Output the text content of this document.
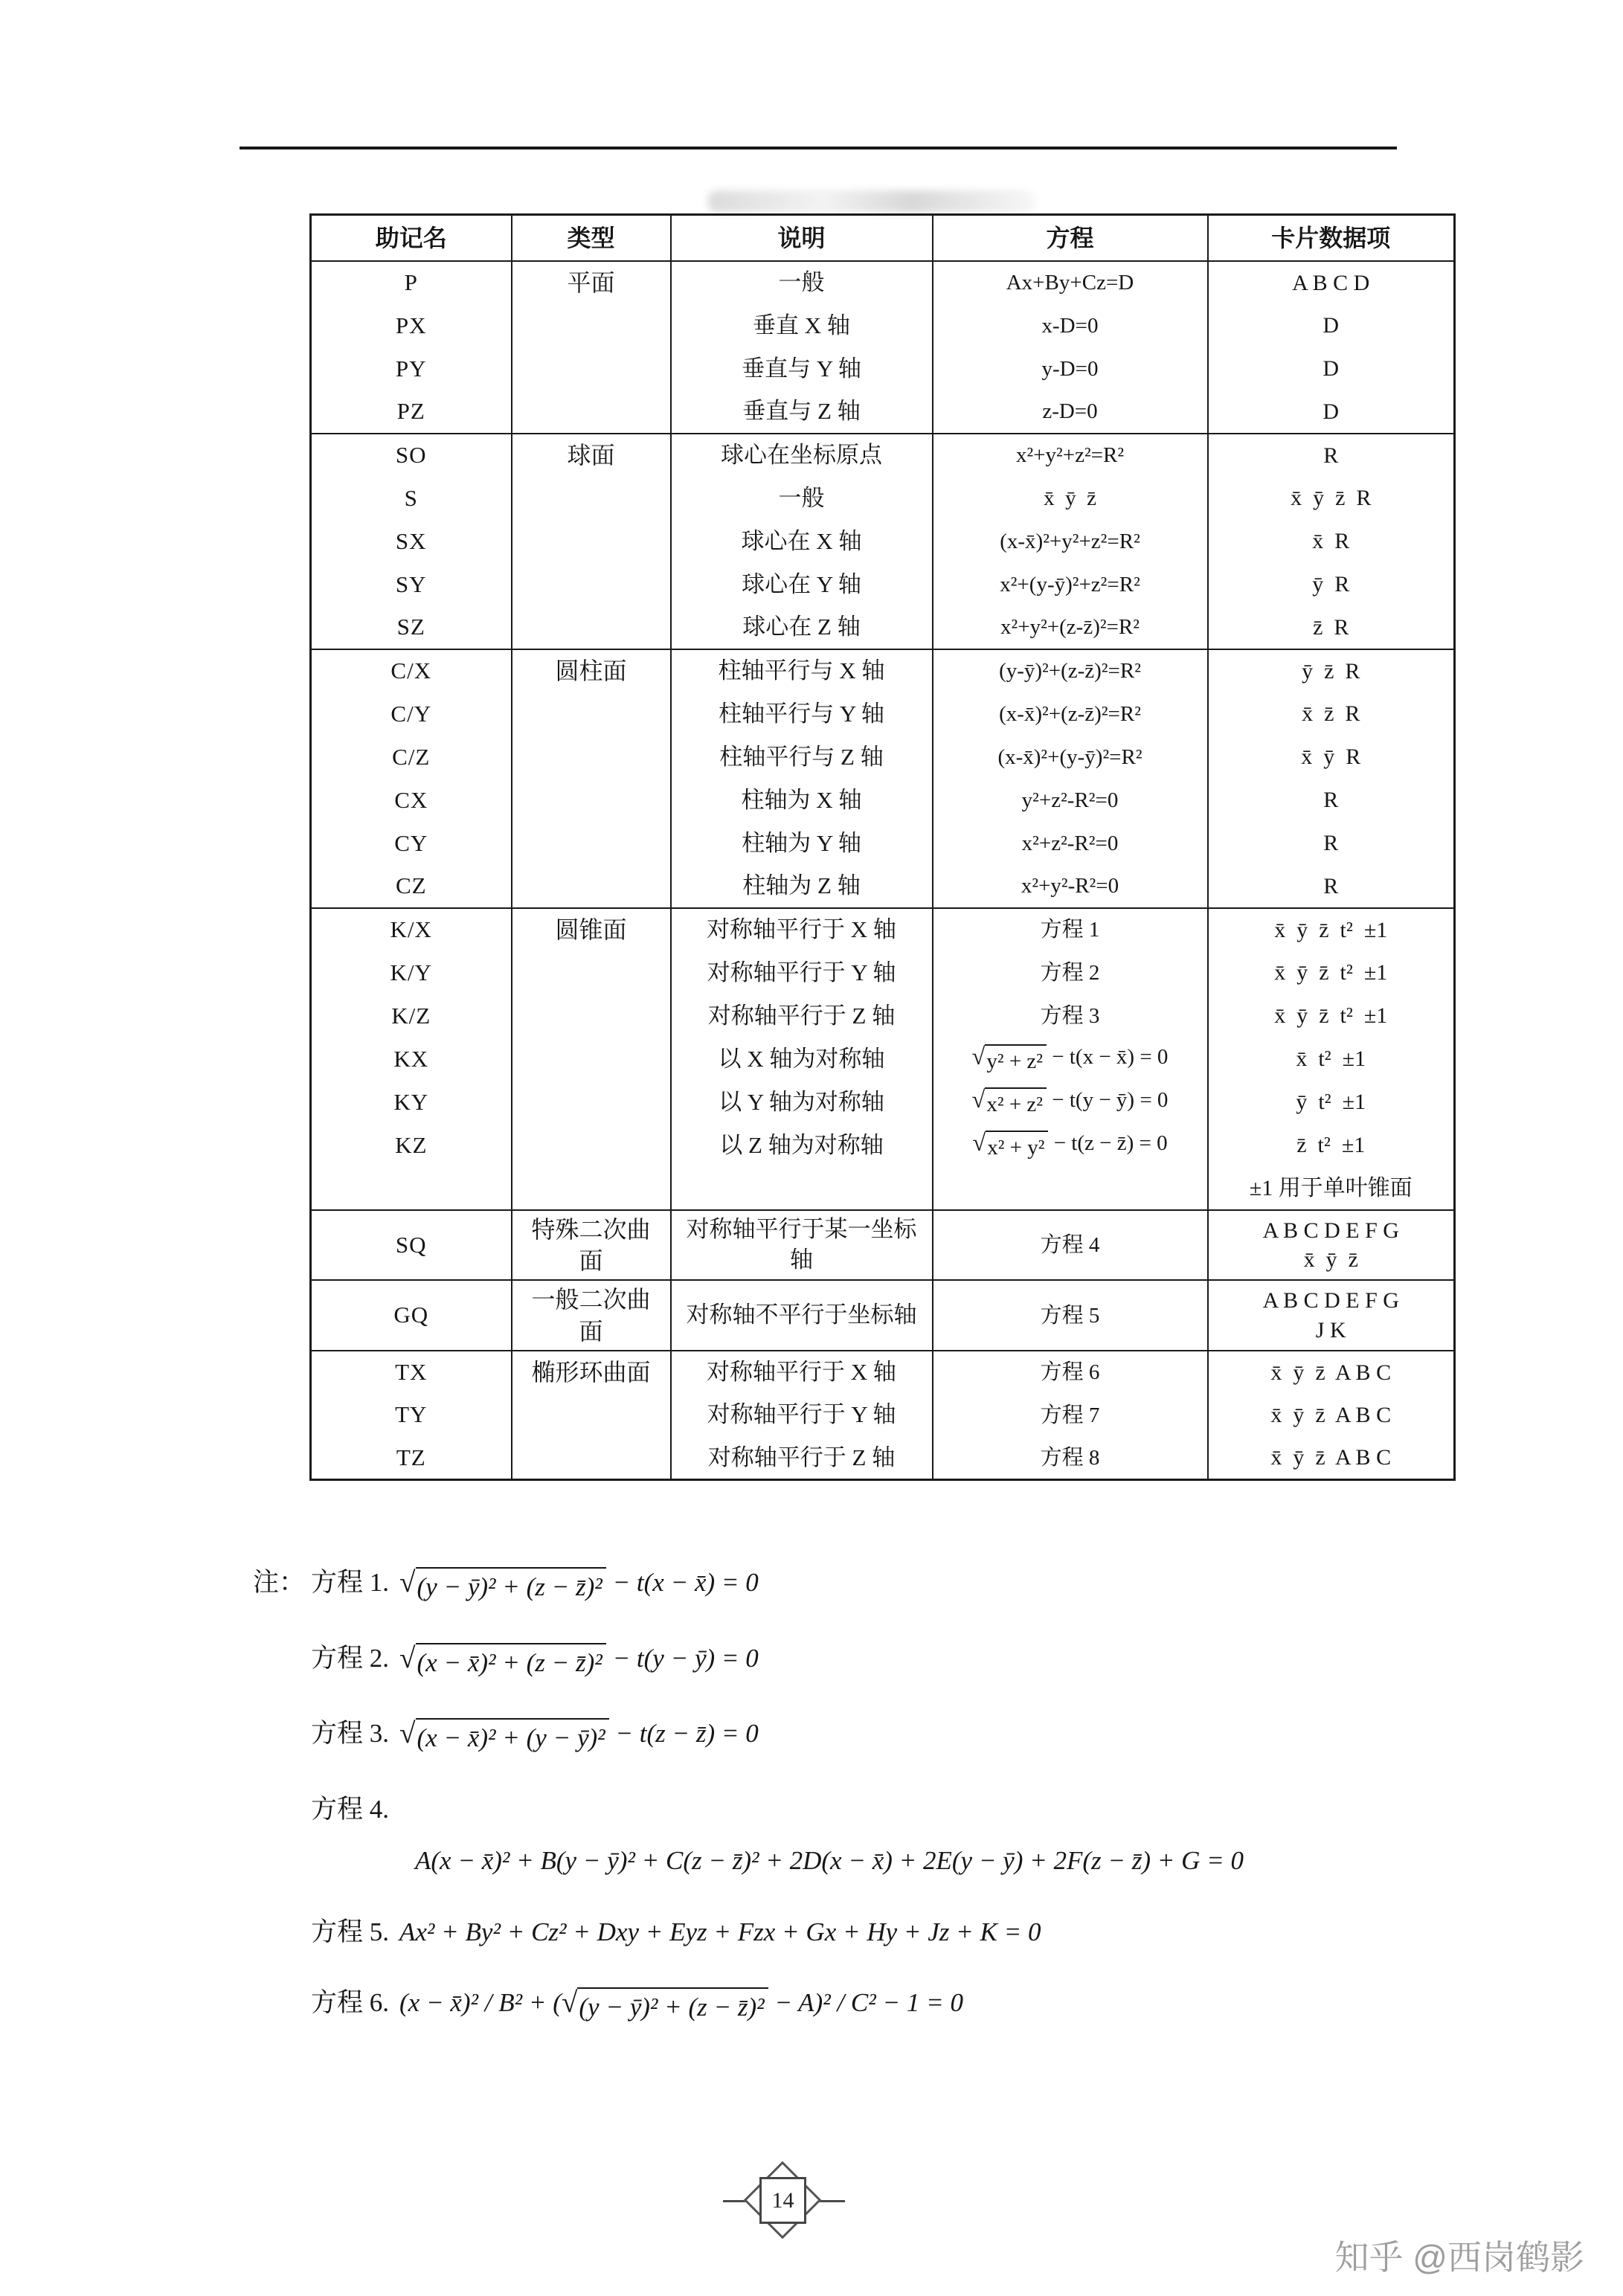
助记名	类型	说明	方程	卡片数据项
P	平面	一般	Ax+By+Cz=D	A B C D
PX		垂直 X 轴	x-D=0	D
PY		垂直与 Y 轴	y-D=0	D
PZ		垂直与 Z 轴	z-D=0	D
SO	球面	球心在坐标原点	x²+y²+z²=R²	R
S		一般	x̄  ȳ  z̄	x̄  ȳ  z̄  R
SX		球心在 X 轴	(x-x̄)²+y²+z²=R²	x̄  R
SY		球心在 Y 轴	x²+(y-ȳ)²+z²=R²	ȳ  R
SZ		球心在 Z 轴	x²+y²+(z-z̄)²=R²	z̄  R
C/X	圆柱面	柱轴平行与 X 轴	(y-ȳ)²+(z-z̄)²=R²	ȳ  z̄  R
C/Y		柱轴平行与 Y 轴	(x-x̄)²+(z-z̄)²=R²	x̄  z̄  R
C/Z		柱轴平行与 Z 轴	(x-x̄)²+(y-ȳ)²=R²	x̄  ȳ  R
CX		柱轴为 X 轴	y²+z²-R²=0	R
CY		柱轴为 Y 轴	x²+z²-R²=0	R
CZ		柱轴为 Z 轴	x²+y²-R²=0	R
K/X	圆锥面	对称轴平行于 X 轴	方程 1	x̄  ȳ  z̄  t²  ±1
K/Y		对称轴平行于 Y 轴	方程 2	x̄  ȳ  z̄  t²  ±1
K/Z		对称轴平行于 Z 轴	方程 3	x̄  ȳ  z̄  t²  ±1
KX		以 X 轴为对称轴	√ y² + z² − t(x − x̄) = 0	x̄  t²  ±1
KY		以 Y 轴为对称轴	√ x² + z² − t(y − ȳ) = 0	ȳ  t²  ±1
KZ		以 Z 轴为对称轴	√ x² + y² − t(z − z̄) = 0	z̄  t²  ±1
				±1 用于单叶锥面
SQ	特殊二次曲面	对称轴平行于某一坐标轴	方程 4	A B C D E F G
x̄  ȳ  z̄

GQ	一般二次曲面	对称轴不平行于坐标轴	方程 5	A B C D E F G
J K

TX	椭形环曲面	对称轴平行于 X 轴	方程 6	x̄  ȳ  z̄  A B C
TY		对称轴平行于 Y 轴	方程 7	x̄  ȳ  z̄  A B C
TZ		对称轴平行于 Z 轴	方程 8	x̄  ȳ  z̄  A B C
注： 方程 1. √ (y − ȳ)² + (z − z̄)² − t(x − x̄) = 0
方程 2. √ (x − x̄)² + (z − z̄)² − t(y − ȳ) = 0
方程 3. √ (x − x̄)² + (y − ȳ)² − t(z − z̄) = 0
方程 4.
A(x − x̄)² + B(y − ȳ)² + C(z − z̄)² + 2D(x − x̄) + 2E(y − ȳ) + 2F(z − z̄) + G = 0
方程 5. Ax² + By² + Cz² + Dxy + Eyz + Fzx + Gx + Hy + Jz + K = 0
方程 6. (x − x̄)² / B² + ( √ (y − ȳ)² + (z − z̄)² − A)² / C² − 1 = 0
14
知乎 @西岗鹤影
